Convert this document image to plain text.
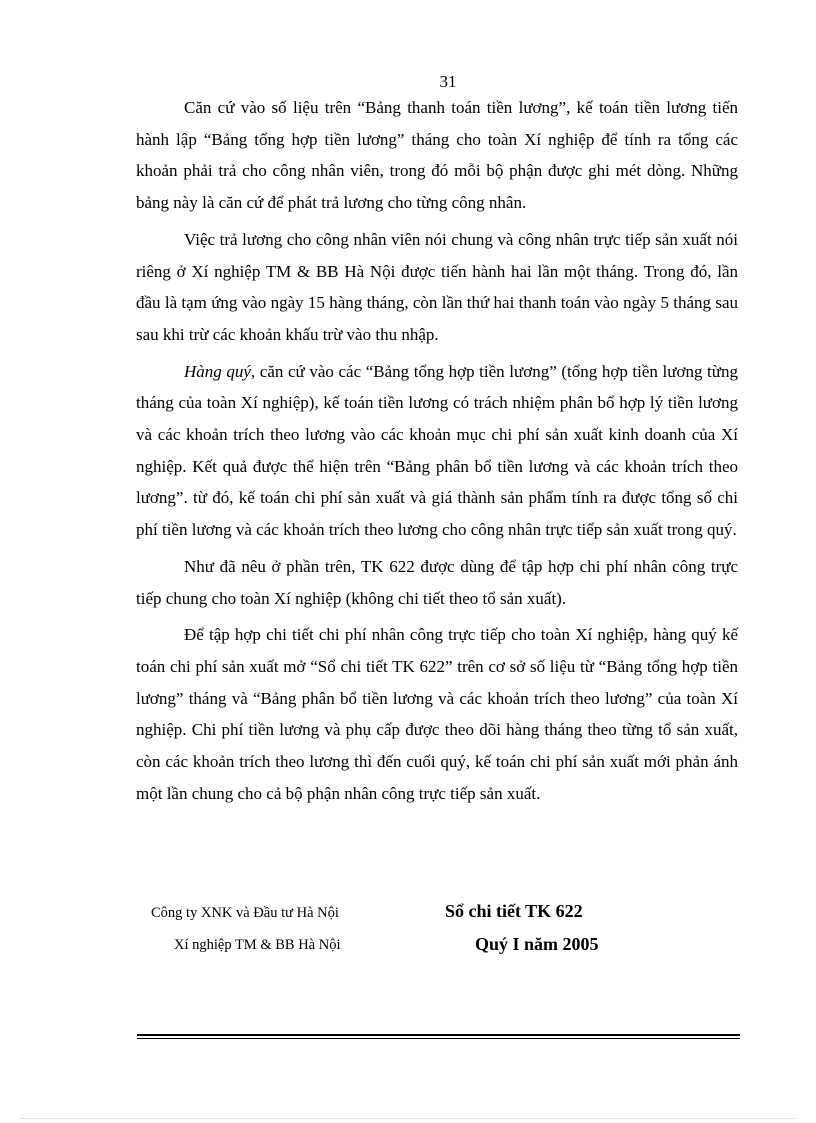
31

Căn cứ vào số liệu trên “Bảng thanh toán tiền lương”, kế toán tiền lương tiến hành lập “Bảng tổng hợp tiền lương” tháng cho toàn Xí nghiệp để tính ra tổng các khoản phải trả cho công nhân viên, trong đó mỗi bộ phận được ghi mét dòng. Những bảng này là căn cứ để phát trả lương cho từng công nhân.

Việc trả lương cho công nhân viên nói chung và công nhân trực tiếp sản xuất nói riêng ở Xí nghiệp TM & BB Hà Nội được tiến hành hai lần một tháng. Trong đó, lần đầu là tạm ứng vào ngày 15 hàng tháng, còn lần thứ hai thanh toán vào ngày 5 tháng sau sau khi trừ các khoản khấu trừ vào thu nhập.

Hàng quý, căn cứ vào các “Bảng tổng hợp tiền lương” (tổng hợp tiền lương từng tháng của toàn Xí nghiệp), kế toán tiền lương có trách nhiệm phân bổ hợp lý tiền lương và các khoản trích theo lương vào các khoản mục chi phí sản xuất kinh doanh của Xí nghiệp. Kết quả được thể hiện trên “Bảng phân bổ tiền lương và các khoản trích theo lương”. từ đó, kế toán chi phí sản xuất và giá thành sản phẩm tính ra được tổng số chi phí tiền lương và các khoản trích theo lương cho công nhân trực tiếp sản xuất trong quý.

Như đã nêu ở phần trên, TK 622 được dùng để tập hợp chi phí nhân công trực tiếp chung cho toàn Xí nghiệp (không chi tiết theo tổ sản xuất).

Để tập hợp chi tiết chi phí nhân công trực tiếp cho toàn Xí nghiệp, hàng quý kế toán chi phí sản xuất mở “Sổ chi tiết TK 622” trên cơ sở số liệu từ “Bảng tổng hợp tiền lương” tháng và “Bảng phân bổ tiền lương và các khoản trích theo lương” của toàn Xí nghiệp. Chi phí tiền lương và phụ cấp được theo dõi hàng tháng theo từng tổ sản xuất, còn các khoản trích theo lương thì đến cuối quý, kế toán chi phí sản xuất mới phản ánh một lần chung cho cả bộ phận nhân công trực tiếp sản xuất.

Công ty XNK và Đầu tư Hà Nội
Xí nghiệp TM & BB Hà Nội
Sổ chi tiết TK 622
Quý I năm 2005
